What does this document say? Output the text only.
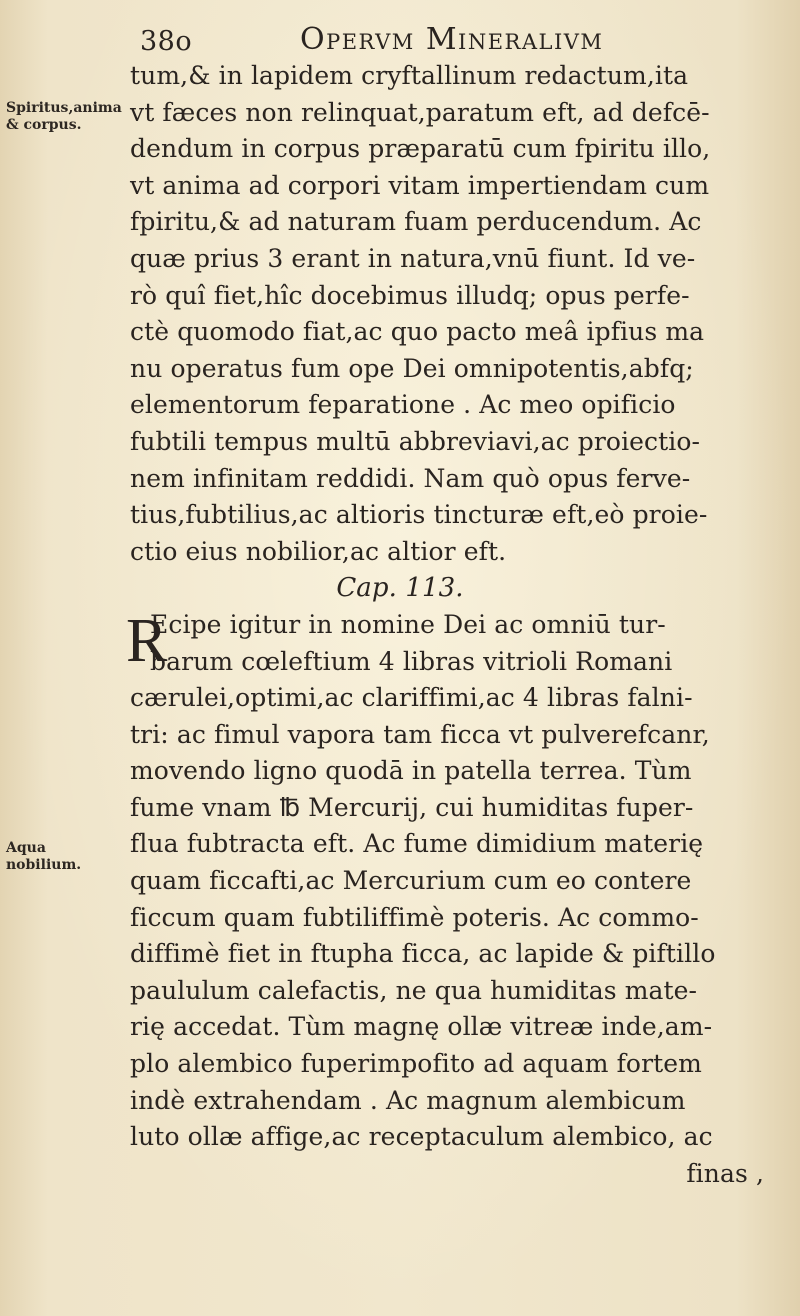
38o	Opervm Mineralivm
Spiritus,anima & corpus.
Aqua nobilium.
R
tum,& in lapidem cryftallinum redactum,ita
vt fæces non relinquat,paratum eft, ad defcē-
dendum in corpus præparatū cum fpiritu illo,
vt anima ad corpori vitam impertiendam cum
fpiritu,& ad naturam fuam perducendum. Ac
quæ prius 3 erant in natura,vnū fiunt. Id ve-
rò quî fiet,hîc docebimus illudq; opus perfe-
ctè quomodo fiat,ac quo pacto meâ ipfius ma
nu operatus fum ope Dei omnipotentis,abfq;
elementorum feparatione . Ac meo opificio
fubtili tempus multū abbreviavi,ac proiectio-
nem infinitam reddidi. Nam quò opus ferve-
tius,fubtilius,ac altioris tincturæ eft,eò proie-
ctio eius nobilior,ac altior eft.
Cap. 113.
Ecipe igitur in nomine Dei ac omniū tur-
barum cœleftium 4 libras vitrioli Romani
cærulei,optimi,ac clariffimi,ac 4 libras falni-
tri: ac fimul vapora tam ficca vt pulverefcanr,
movendo ligno quodā in patella terrea. Tùm
fume vnam ℔ Mercurij, cui humiditas fuper-
flua fubtracta eft. Ac fume dimidium materię
quam ficcafti,ac Mercurium cum eo contere
ficcum quam fubtiliffimè poteris. Ac commo-
diffimè fiet in ftupha ficca, ac lapide & piftillo
paululum calefactis, ne qua humiditas mate-
rię accedat. Tùm magnę ollæ vitreæ inde,am-
plo alembico fuperimpofito ad aquam fortem
indè extrahendam . Ac magnum alembicum
luto ollæ affige,ac receptaculum alembico, ac
finas ,
